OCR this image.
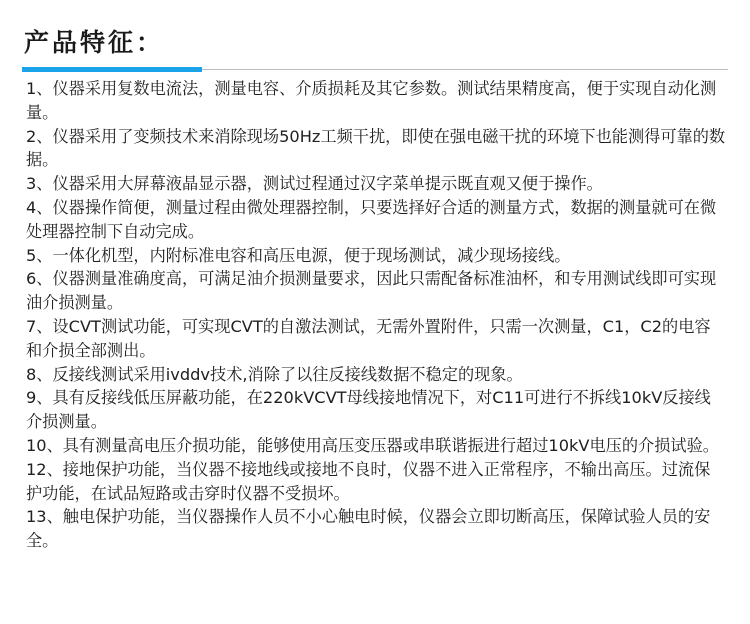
产品特征：
1、仪器采用复数电流法，测量电容、介质损耗及其它参数。测试结果精度高，便于实现自动化测量。
2、仪器采用了变频技术来消除现场50Hz工频干扰，即使在强电磁干扰的环境下也能测得可靠的数据。
3、仪器采用大屏幕液晶显示器，测试过程通过汉字菜单提示既直观又便于操作。
4、仪器操作简便，测量过程由微处理器控制，只要选择好合适的测量方式，数据的测量就可在微处理器控制下自动完成。
5、一体化机型，内附标准电容和高压电源，便于现场测试，减少现场接线。
6、仪器测量准确度高，可满足油介损测量要求，因此只需配备标准油杯，和专用测试线即可实现油介损测量。
7、设CVT测试功能，可实现CVT的自激法测试，无需外置附件，只需一次测量，C1，C2的电容和介损全部测出。
8、反接线测试采用ivddv技术,消除了以往反接线数据不稳定的现象。
9、具有反接线低压屏蔽功能，在220kVCVT母线接地情况下，对C11可进行不拆线10kV反接线介损测量。
10、具有测量高电压介损功能，能够使用高压变压器或串联谐振进行超过10kV电压的介损试验。
12、接地保护功能，当仪器不接地线或接地不良时，仪器不进入正常程序，不输出高压。过流保护功能，在试品短路或击穿时仪器不受损坏。
13、触电保护功能，当仪器操作人员不小心触电时候，仪器会立即切断高压，保障试验人员的安全。
